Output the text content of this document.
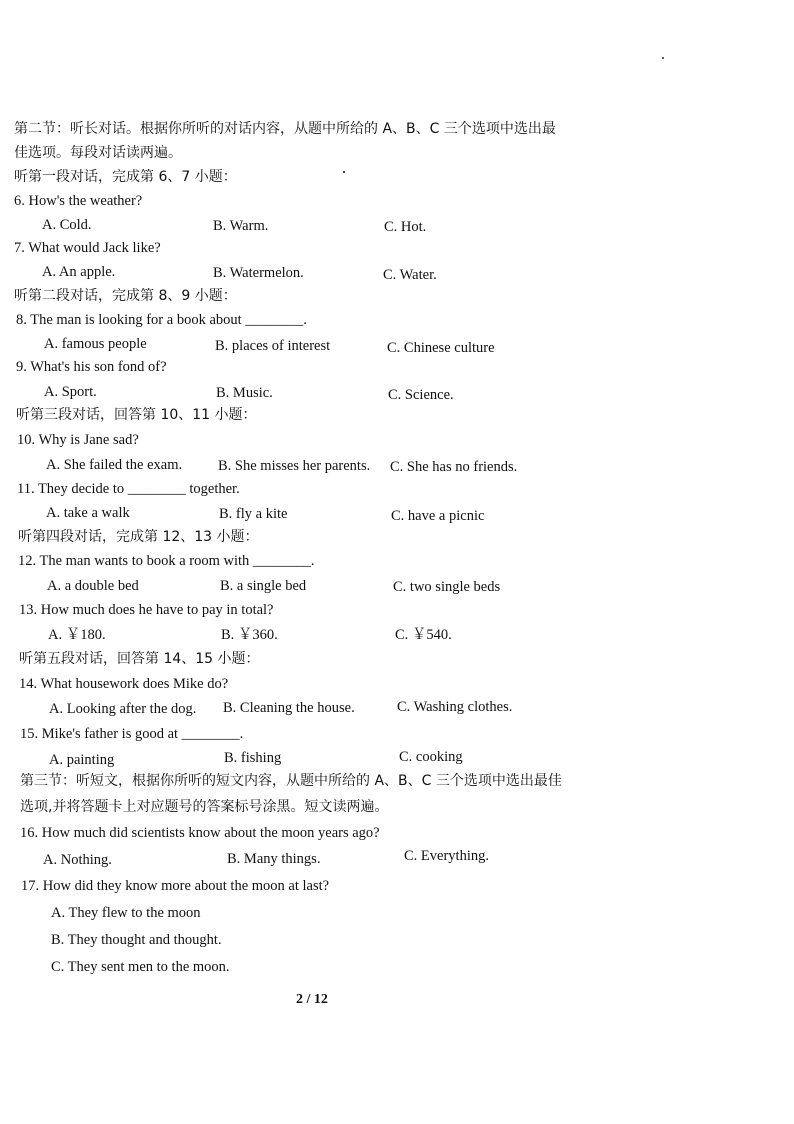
第二节：听长对话。根据你所听的对话内容，从题中所给的 A、B、C 三个选项中选出最
佳选项。每段对话读两遍。
听第一段对话，完成第 6、7 小题：
6. How's the weather?
A. Cold.	B. Warm.	C. Hot.
7. What would Jack like?
A. An apple.	B. Watermelon.	C. Water.
听第二段对话，完成第 8、9 小题：
8. The man is looking for a book about ________.
A. famous people	B. places of interest	C. Chinese culture
9. What's his son fond of?
A. Sport.	B. Music.	C. Science.
听第三段对话，回答第 10、11 小题：
10. Why is Jane sad?
A. She failed the exam. B. She misses her parents. C. She has no friends.
11. They decide to ________ together.
A. take a walk	B. fly a kite	C. have a picnic
听第四段对话，完成第 12、13 小题：
12. The man wants to book a room with ________.
A. a double bed	B. a single bed	C. two single beds
13. How much does he have to pay in total?
A. ￥180.	B. ￥360.	C. ￥540.
听第五段对话，回答第 14、15 小题：
14. What housework does Mike do?
A. Looking after the dog. B. Cleaning the house.	C. Washing clothes.
15. Mike's father is good at ________.
A. painting	B. fishing	C. cooking
第三节：听短文，根据你所听的短文内容，从题中所给的 A、B、C 三个选项中选出最佳
选项,并将答题卡上对应题号的答案标号涂黑。短文读两遍。
16. How much did scientists know about the moon years ago?
A. Nothing.	B. Many things.	C. Everything.
17. How did they know more about the moon at last?
A. They flew to the moon
B. They thought and thought.
C. They sent men to the moon.
2 / 12
